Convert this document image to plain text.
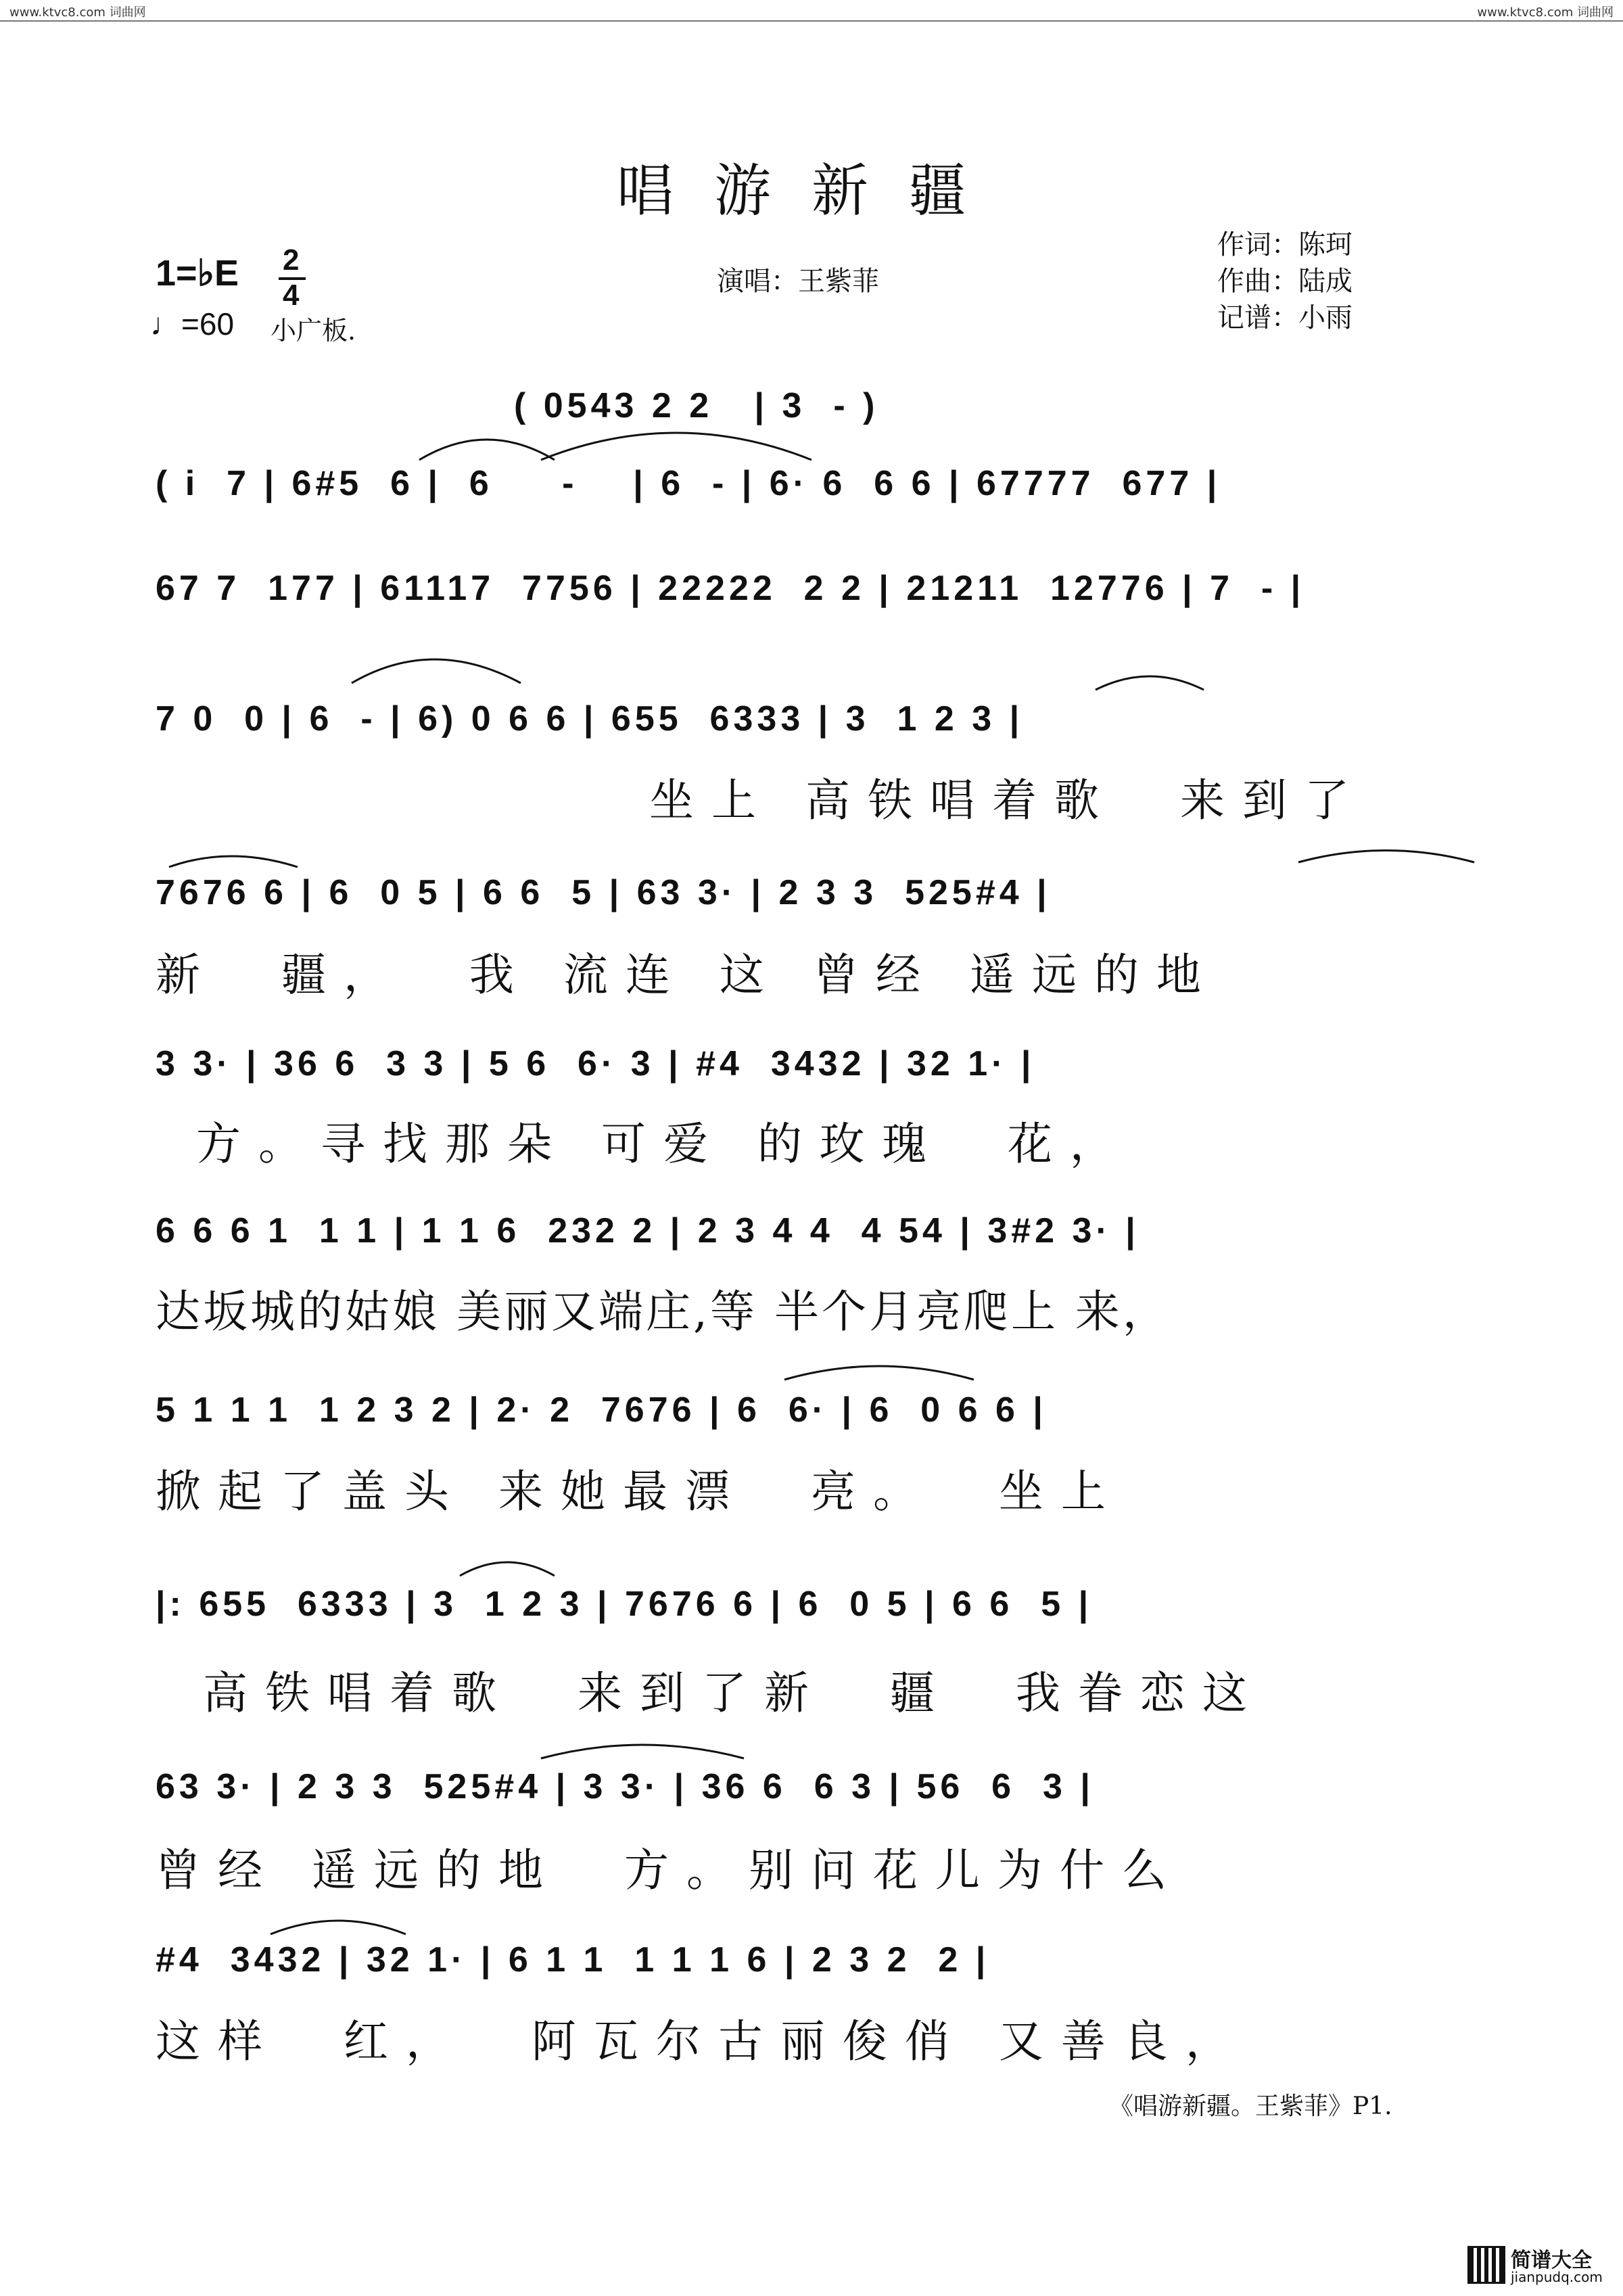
www.ktvc8.com 词曲网	www.ktvc8.com 词曲网
唱游新疆
1=♭E 2
4
♩=60 小广板.
演唱：王紫菲
作词：陈珂
作曲：陆成
记谱：小雨
( 0543 2 2   | 3  - )
( i  7 | 6#5  6 |  6     -    | 6  - | 6· 6  6 6 | 67777  677 |
67 7  177 | 61117  7756 | 22222  2 2 | 21211  12776 | 7  - |
7 0  0 | 6  - | 6) 0 6 6 | 655  6333 | 3  1 2 3 |
坐上 高铁唱着歌  来到了
7676 6 | 6  0 5 | 6 6  5 | 63 3· | 2 3 3  525#4 |
新  疆，  我 流连 这 曾经 遥远的地
3 3· | 36 6  3 3 | 5 6  6· 3 | #4  3432 | 32 1· |
方。寻找那朵 可爱 的玫瑰  花，
6 6 6 1  1 1 | 1 1 6  232 2 | 2 3 4 4  4 54 | 3#2 3· |
达坂城的姑娘 美丽又端庄,等 半个月亮爬上 来，
5 1 1 1  1 2 3 2 | 2· 2  7676 | 6  6· | 6  0 6 6 |
掀起了盖头 来她最漂  亮。  坐上
|: 655  6333 | 3  1 2 3 | 7676 6 | 6  0 5 | 6 6  5 |
高铁唱着歌  来到了新  疆  我眷恋这
63 3· | 2 3 3  525#4 | 3 3· | 36 6  6 3 | 56  6  3 |
曾经 遥远的地  方。别问花儿为什么
#4  3432 | 32 1· | 6 1 1  1 1 1 6 | 2 3 2  2 |
这样  红，  阿瓦尔古丽俊俏 又善良，
《唱游新疆。王紫菲》P1.

简谱大全

jianpudq.com
